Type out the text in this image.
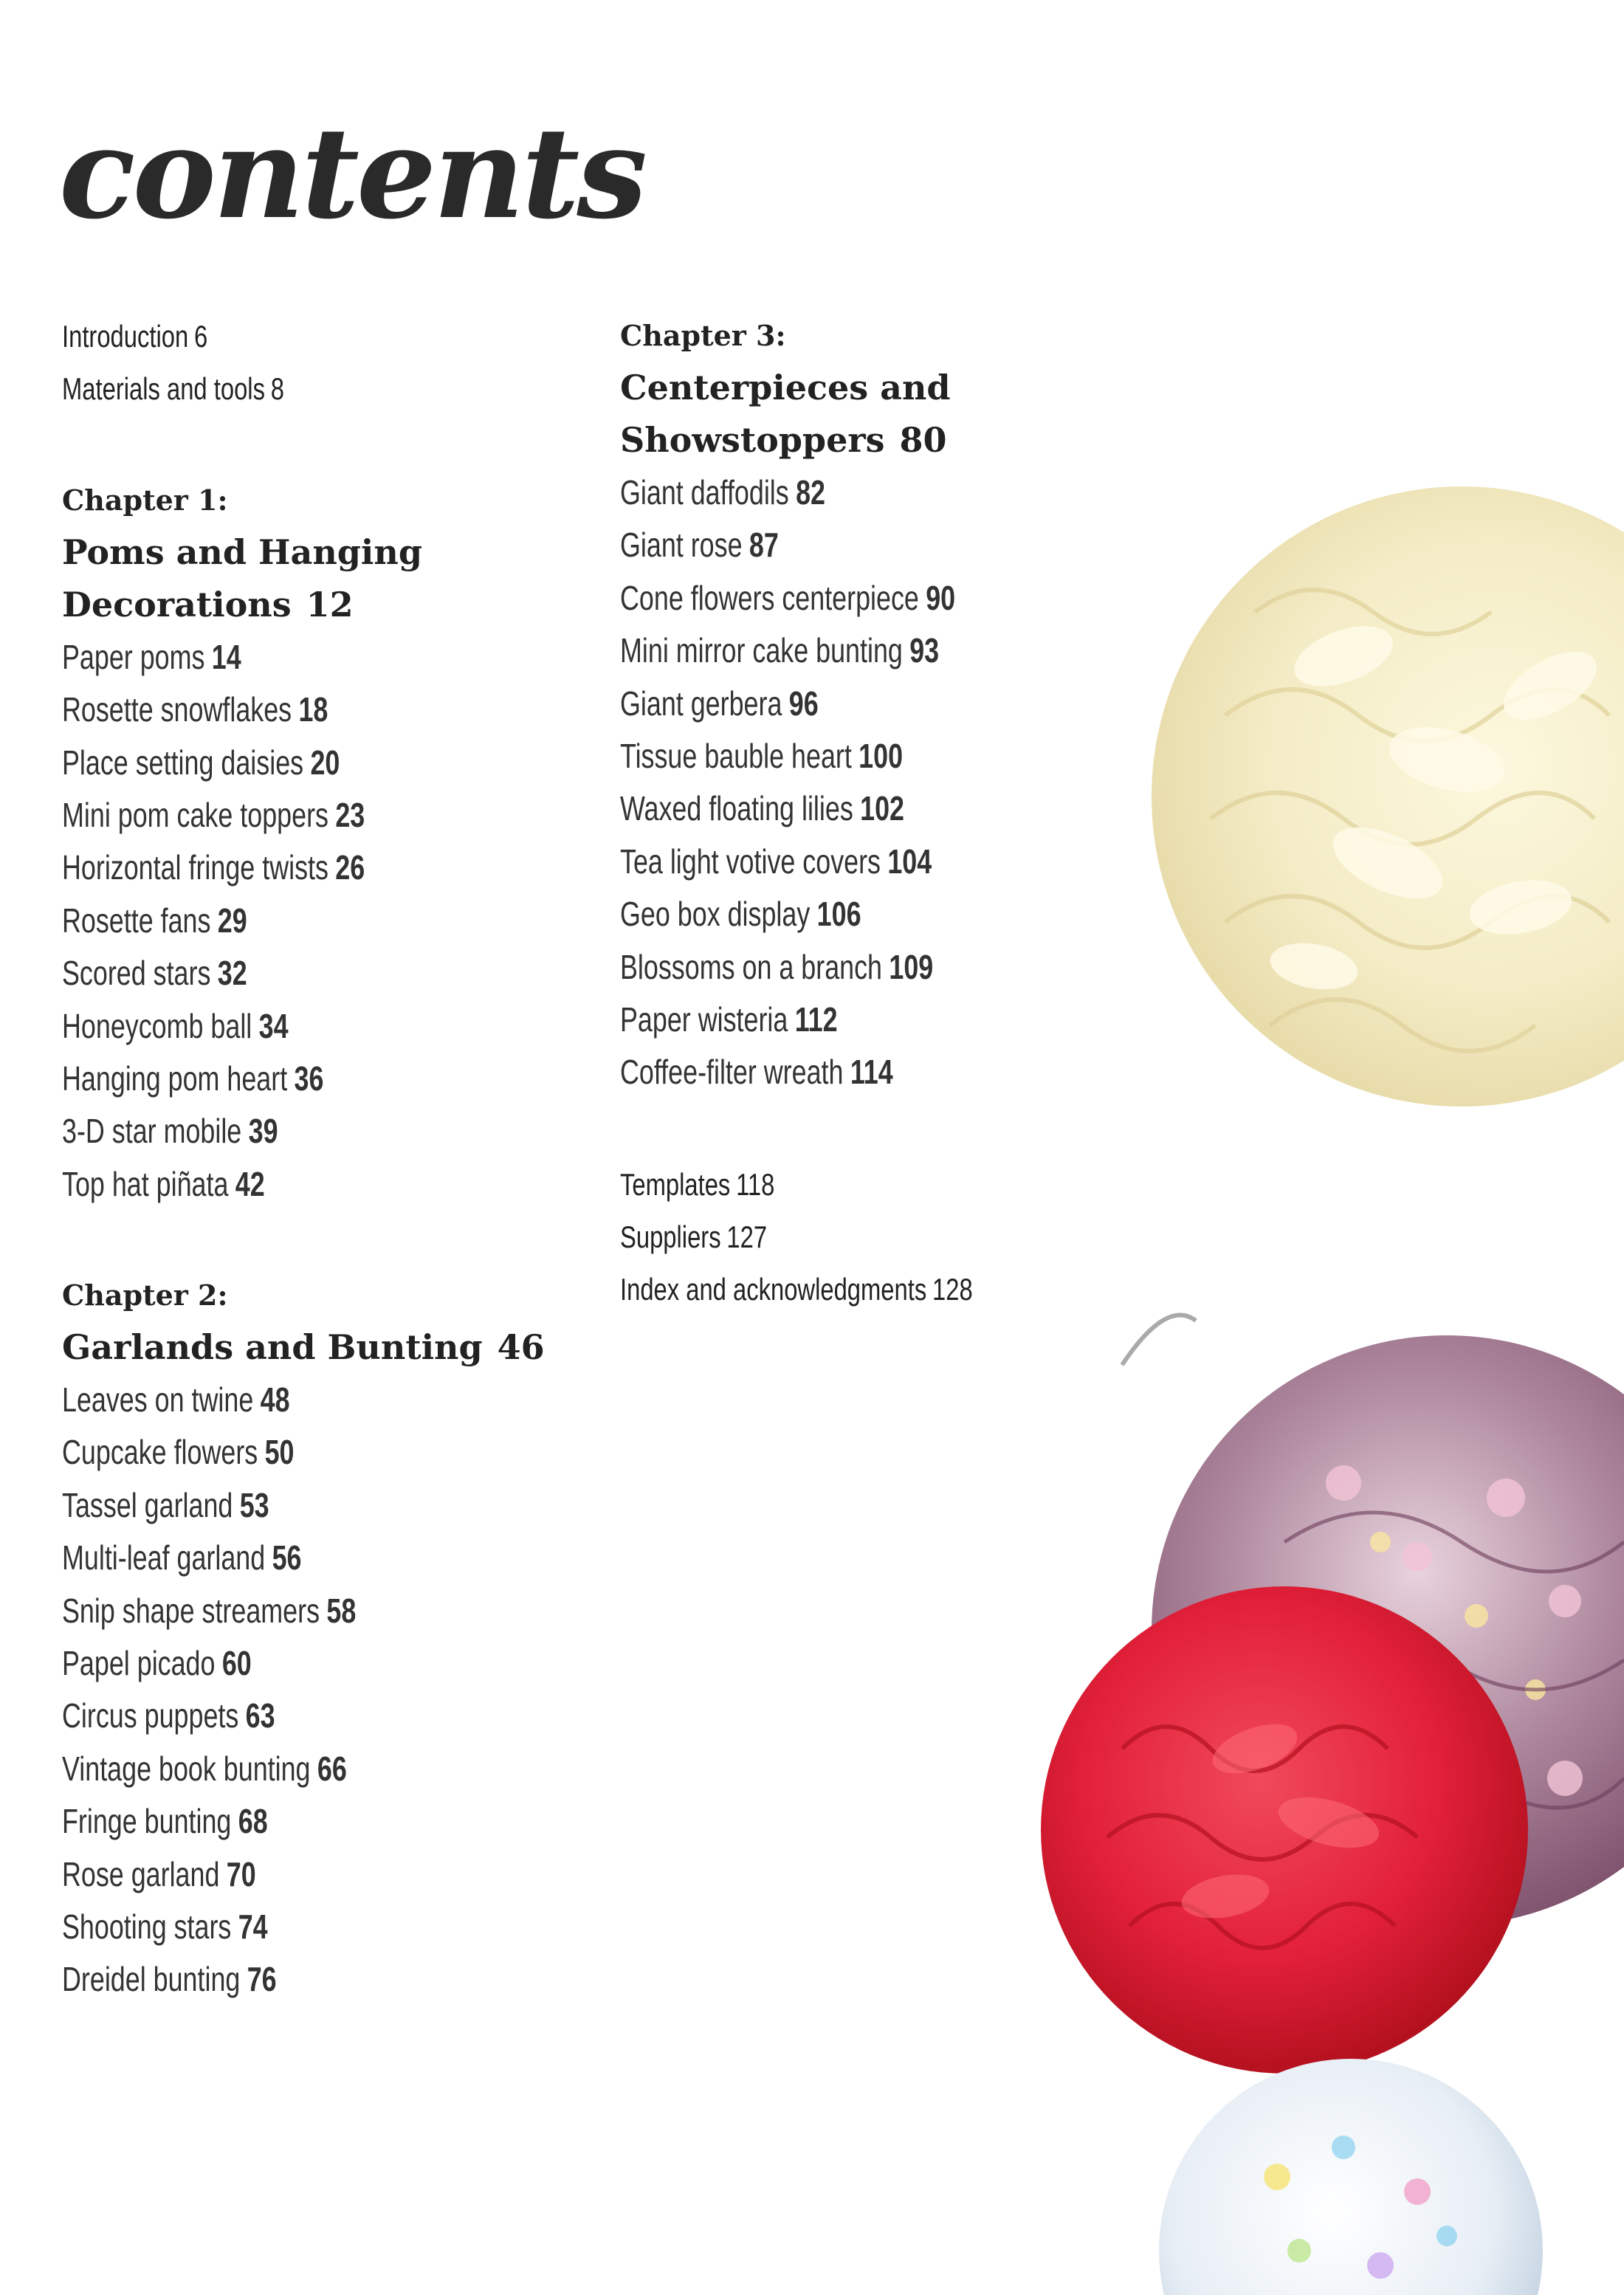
contents
Introduction 6
Materials and tools 8
Chapter 1:
Poms and Hanging
Decorations 12
Paper poms 14
Rosette snowflakes 18
Place setting daisies 20
Mini pom cake toppers 23
Horizontal fringe twists 26
Rosette fans 29
Scored stars 32
Honeycomb ball 34
Hanging pom heart 36
3-D star mobile 39
Top hat piñata 42
Chapter 2:
Garlands and Bunting 46
Leaves on twine 48
Cupcake flowers 50
Tassel garland 53
Multi-leaf garland 56
Snip shape streamers 58
Papel picado 60
Circus puppets 63
Vintage book bunting 66
Fringe bunting 68
Rose garland 70
Shooting stars 74
Dreidel bunting 76
Chapter 3:
Centerpieces and
Showstoppers 80
Giant daffodils 82
Giant rose 87
Cone flowers centerpiece 90
Mini mirror cake bunting 93
Giant gerbera 96
Tissue bauble heart 100
Waxed floating lilies 102
Tea light votive covers 104
Geo box display 106
Blossoms on a branch 109
Paper wisteria 112
Coffee-filter wreath 114
Templates 118
Suppliers 127
Index and acknowledgments 128
